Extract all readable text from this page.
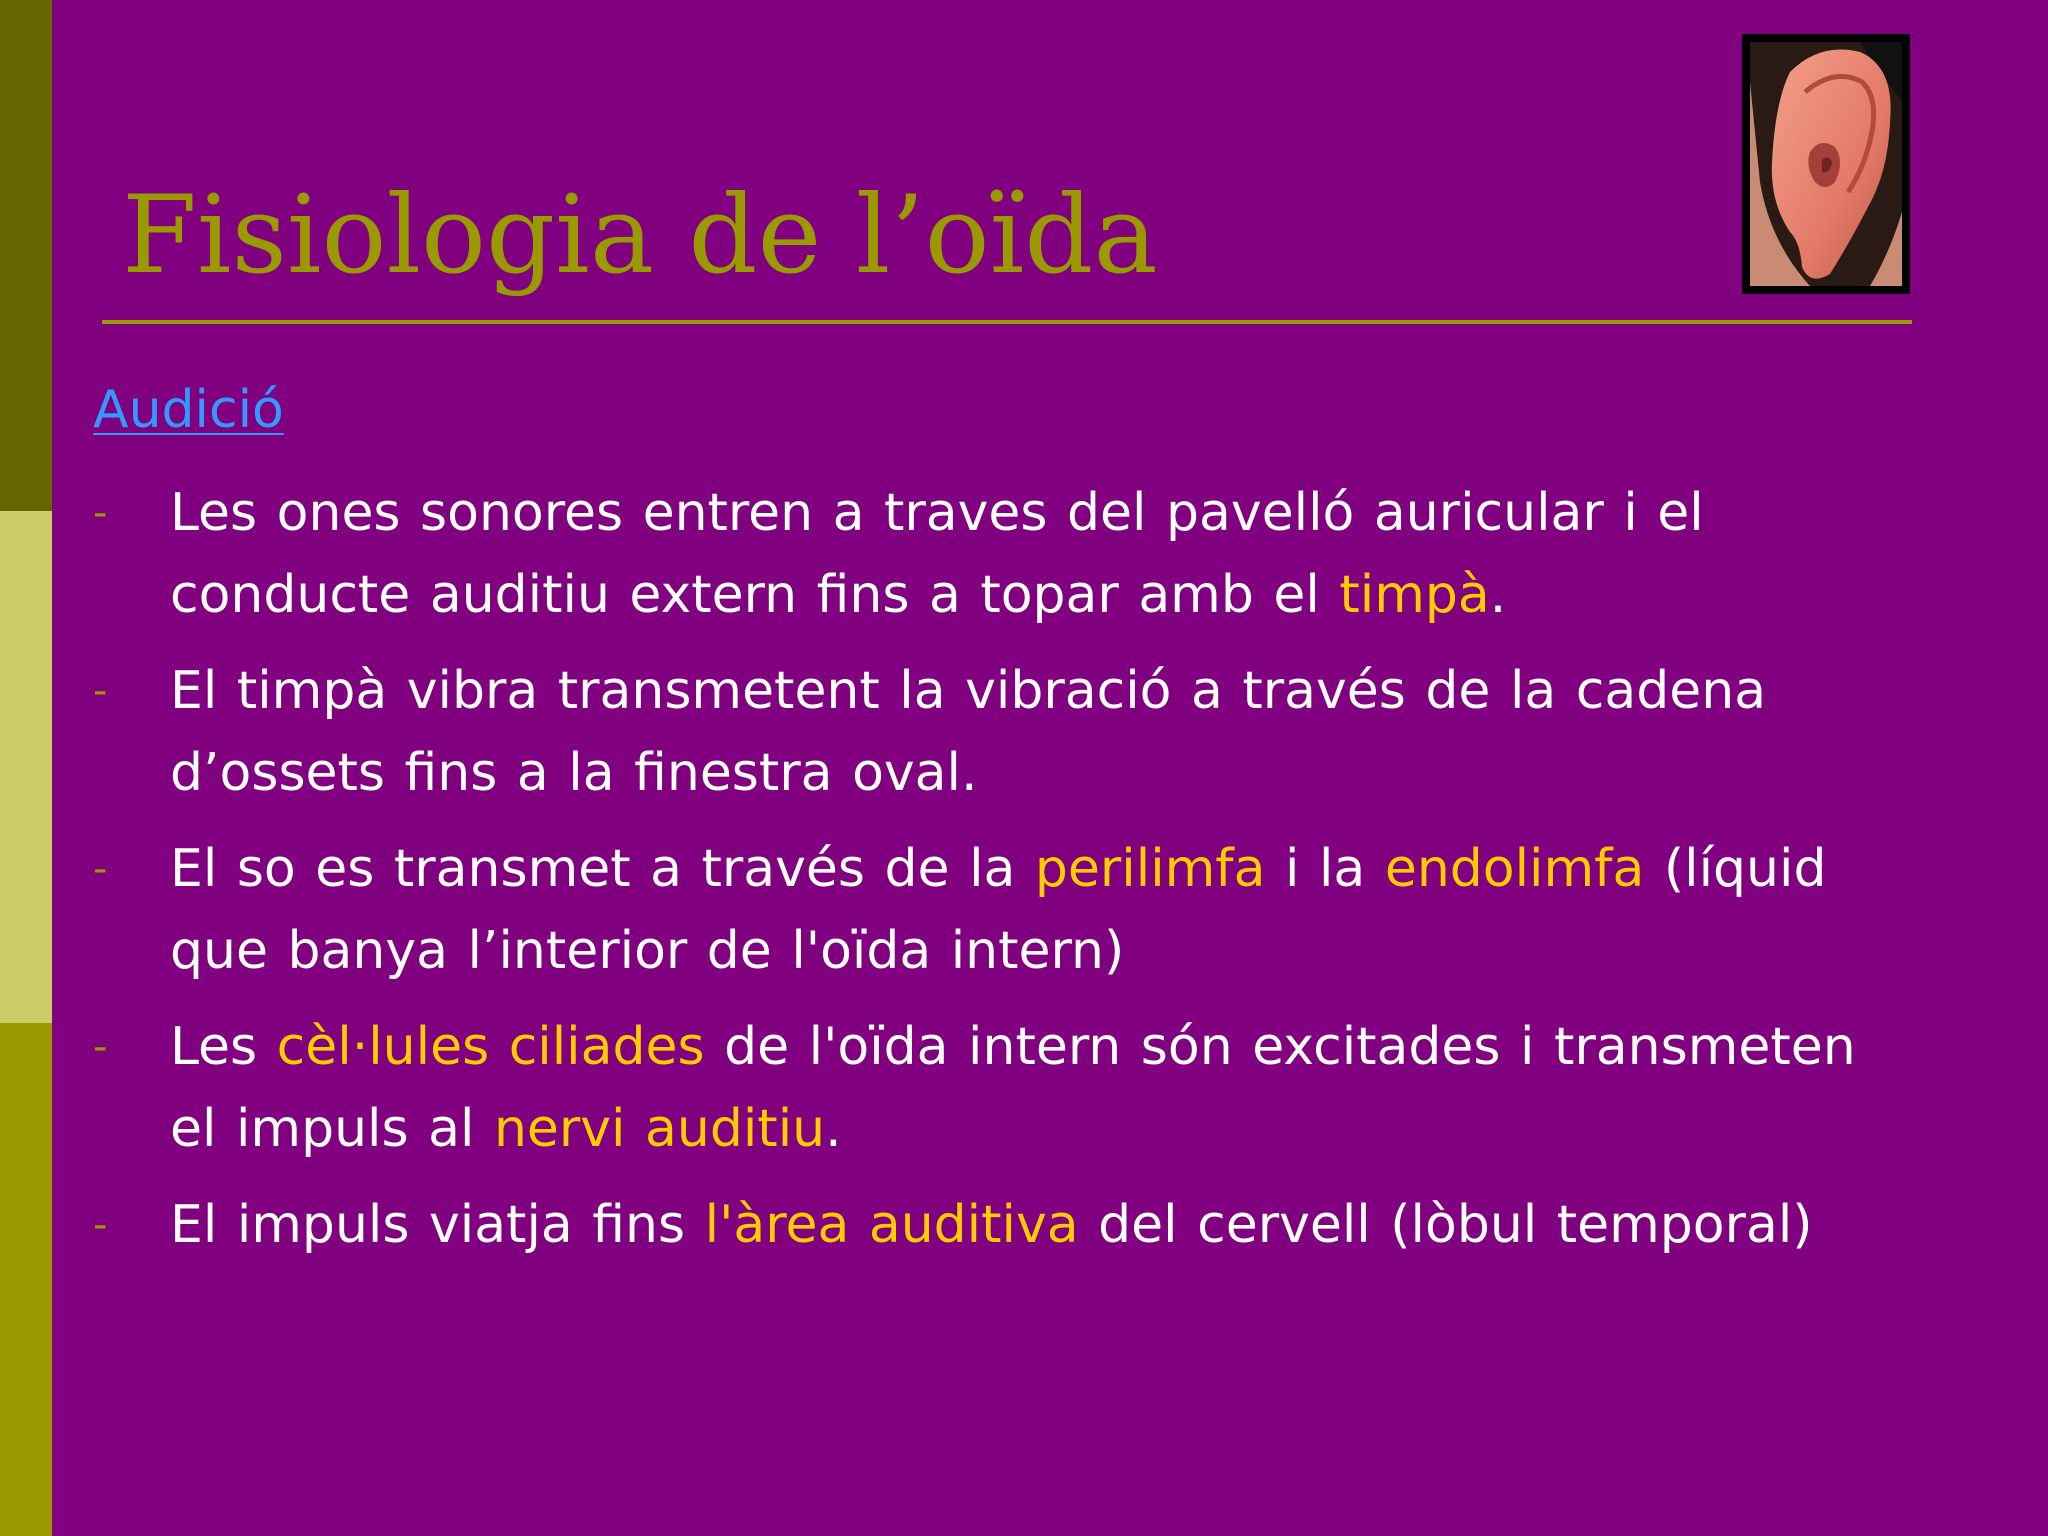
Fisiologia de l’oïda
Audició
- Les ones sonores entren a traves del pavelló auricular i el conducte auditiu extern fins a topar amb el timpà.
- El timpà vibra transmetent la vibració a través de la cadena d’ossets fins a la finestra oval.
- El so es transmet a través de la perilimfa i la endolimfa (líquid que banya l’interior de l'oïda intern)
- Les cèl·lules ciliades de l'oïda intern són excitades i transmeten el impuls al nervi auditiu.
- El impuls viatja fins l'àrea auditiva del cervell (lòbul temporal)
